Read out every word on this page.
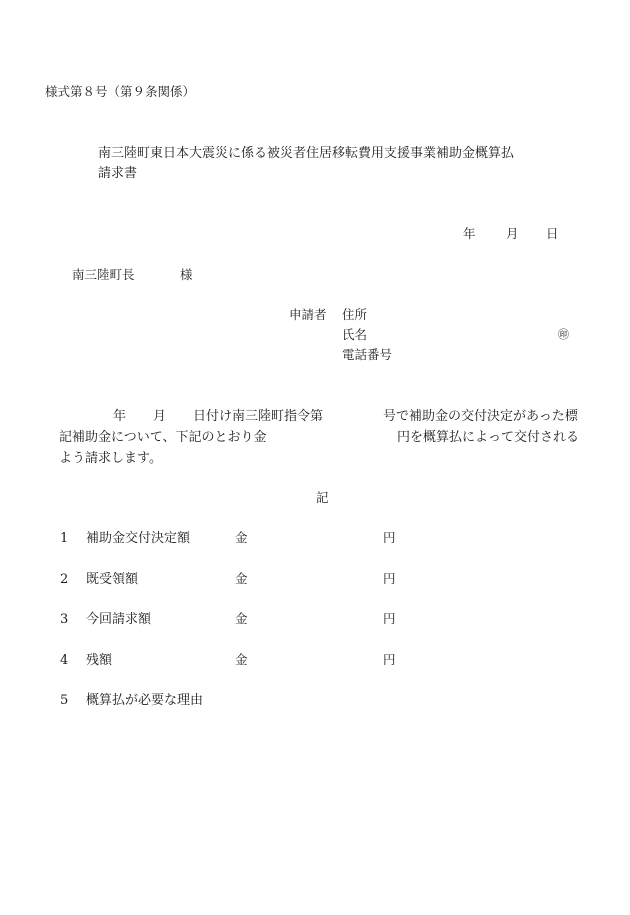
様式第８号（第９条関係）
南三陸町東日本大震災に係る被災者住居移転費用支援事業補助金概算払
請求書
年 月 日
南三陸町長	様
申請者 住所
氏名	㊞
電話番号
年 月 日付け南三陸町指令第	号で補助金の交付決定があった標
記補助金について、下記のとおり金	円を概算払によって交付される
よう請求します。
記
1 補助金交付決定額	金	円
2 既受領額	金	円
3 今回請求額	金	円
4 残額	金	円
5 概算払が必要な理由
